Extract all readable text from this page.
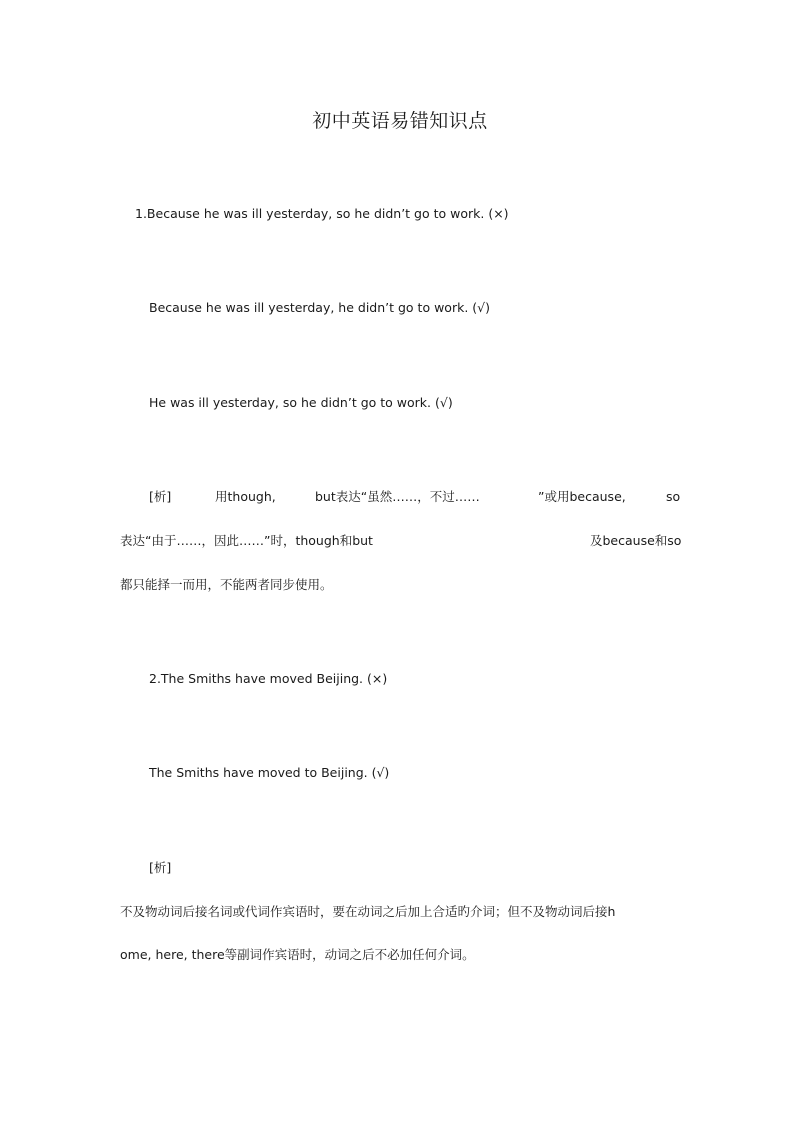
初中英语易错知识点
1.Because he was ill yesterday, so he didn’t go to work. (×)
Because he was ill yesterday, he didn’t go to work. (√)
He was ill yesterday, so he didn’t go to work. (√)
[析]	用though,	but表达“虽然……，不过……	”或用because,	so
表达“由于……，因此……”时，though和but	及because和so
都只能择一而用，不能两者同步使用。
2.The Smiths have moved Beijing. (×)
The Smiths have moved to Beijing. (√)
[析]
不及物动词后接名词或代词作宾语时，要在动词之后加上合适旳介词；但不及物动词后接h
ome, here, there等副词作宾语时，动词之后不必加任何介词。
